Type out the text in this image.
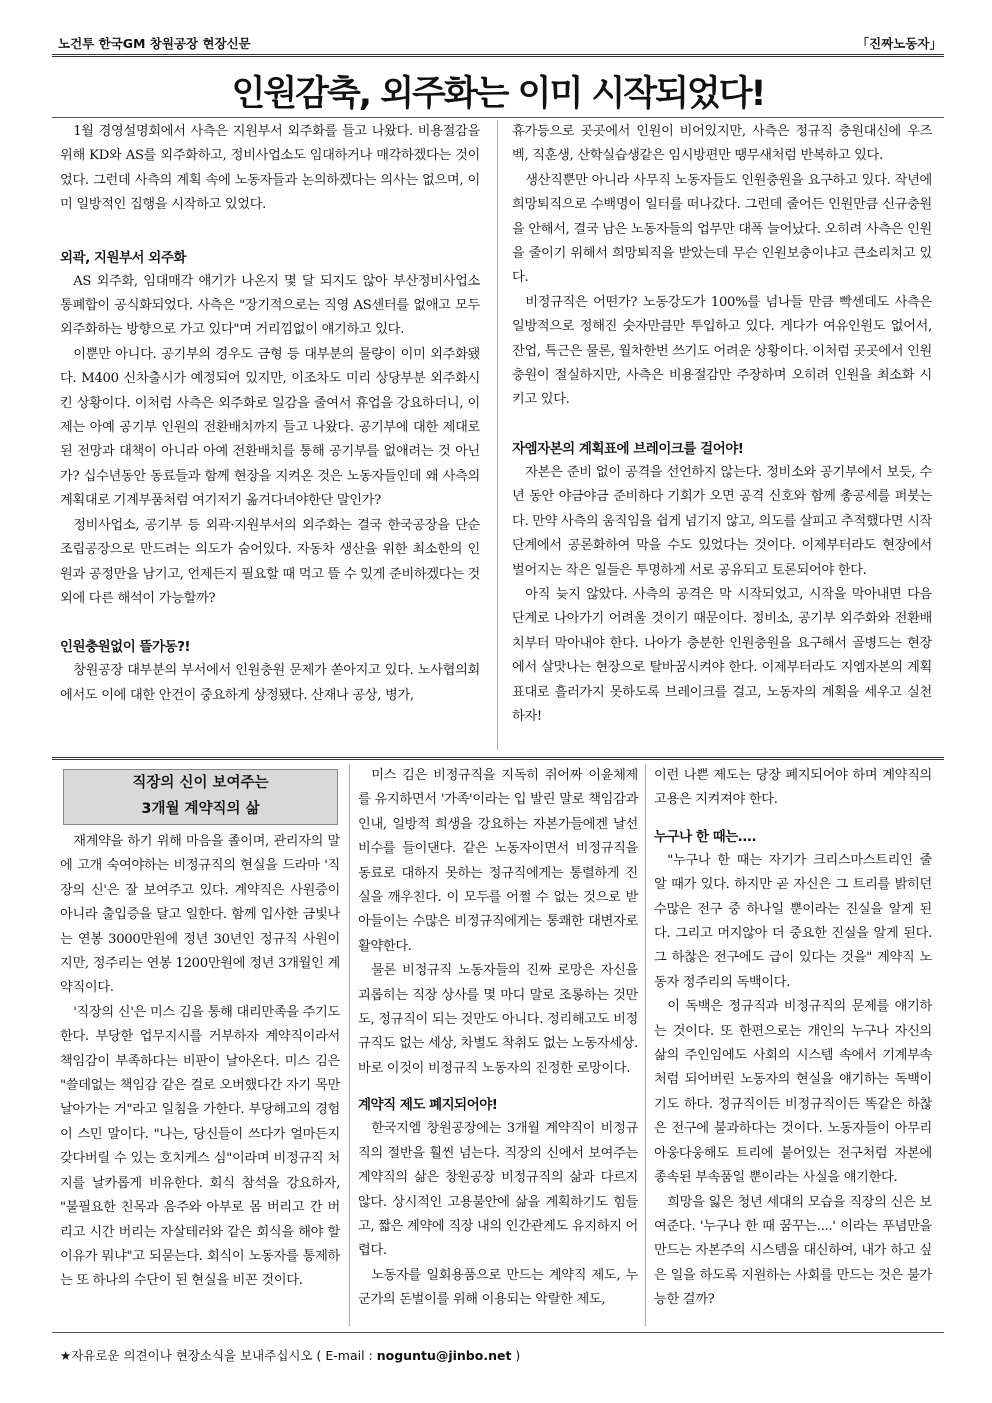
노건투 한국GM 창원공장 현장신문	「진짜노동자」
인원감축, 외주화는 이미 시작되었다!

1월 경영설명회에서 사측은 지원부서 외주화를 들고 나왔다. 비용절감을 위해 KD와 AS를 외주화하고, 정비사업소도 임대하거나 매각하겠다는 것이었다. 그런데 사측의 계획 속에 노동자들과 논의하겠다는 의사는 없으며, 이미 일방적인 집행을 시작하고 있었다.

외곽, 지원부서 외주화

AS 외주화, 임대매각 얘기가 나온지 몇 달 되지도 않아 부산정비사업소 통폐합이 공식화되었다. 사측은 "장기적으로는 직영 AS센터를 없애고 모두 외주화하는 방향으로 가고 있다"며 거리낌없이 얘기하고 있다.

이뿐만 아니다. 공기부의 경우도 금형 등 대부분의 물량이 이미 외주화됐다. M400 신차출시가 예정되어 있지만, 이조차도 미리 상당부분 외주화시킨 상황이다. 이처럼 사측은 외주화로 일감을 줄여서 휴업을 강요하더니, 이제는 아예 공기부 인원의 전환배치까지 들고 나왔다. 공기부에 대한 제대로된 전망과 대책이 아니라 아예 전환배치를 통해 공기부를 없애려는 것 아닌가? 십수년동안 동료들과 함께 현장을 지켜온 것은 노동자들인데 왜 사측의 계획대로 기계부품처럼 여기저기 옮겨다녀야한단 말인가?

정비사업소, 공기부 등 외곽·지원부서의 외주화는 결국 한국공장을 단순조립공장으로 만드려는 의도가 숨어있다. 자동차 생산을 위한 최소한의 인원과 공정만을 남기고, 언제든지 필요할 때 먹고 뜰 수 있게 준비하겠다는 것 외에 다른 해석이 가능할까?

인원충원없이 뜰가동?!

창원공장 대부분의 부서에서 인원충원 문제가 쏟아지고 있다. 노사협의회에서도 이에 대한 안건이 중요하게 상정됐다. 산재나 공상, 병가,

휴가등으로 곳곳에서 인원이 비어있지만, 사측은 정규직 충원대신에 우즈벡, 직훈생, 산학실습생같은 임시방편만 땡무새처럼 반복하고 있다.

생산직뿐만 아니라 사무직 노동자들도 인원충원을 요구하고 있다. 작년에 희망퇴직으로 수백명이 일터를 떠나갔다. 그런데 줄어든 인원만큼 신규충원을 안해서, 결국 남은 노동자들의 업무만 대폭 늘어났다. 오히려 사측은 인원을 줄이기 위해서 희망퇴직을 받았는데 무슨 인원보충이냐고 큰소리치고 있다.

비정규직은 어떤가? 노동강도가 100%를 넘나들 만큼 빡센데도 사측은 일방적으로 정해진 숫자만큼만 투입하고 있다. 게다가 여유인원도 없어서, 잔업, 특근은 물론, 월차한번 쓰기도 어려운 상황이다. 이처럼 곳곳에서 인원충원이 절실하지만, 사측은 비용절감만 주장하며 오히려 인원을 최소화 시키고 있다.

자엠자본의 계획표에 브레이크를 걸어야!

자본은 준비 없이 공격을 선언하지 않는다. 정비소와 공기부에서 보듯, 수년 동안 야금야금 준비하다 기회가 오면 공격 신호와 함께 총공세를 퍼붓는다. 만약 사측의 움직임을 쉽게 넘기지 않고, 의도를 살피고 추적했다면 시작 단계에서 공론화하여 막을 수도 있었다는 것이다. 이제부터라도 현장에서 벌어지는 작은 일들은 투명하게 서로 공유되고 토론되어야 한다.

아직 늦지 않았다. 사측의 공격은 막 시작되었고, 시작을 막아내면 다음 단계로 나아가기 어려울 것이기 때문이다. 정비소, 공기부 외주화와 전환배치부터 막아내야 한다. 나아가 충분한 인원충원을 요구해서 골병드는 현장에서 살맛나는 현장으로 탈바꿈시켜야 한다. 이제부터라도 지엠자본의 계획표대로 흘러가지 못하도록 브레이크를 걸고, 노동자의 계획을 세우고 실천하자!

직장의 신이 보여주는
3개월 계약직의 삶

재계약을 하기 위해 마음을 졸이며, 관리자의 말에 고개 숙여야하는 비정규직의 현실을 드라마 '직장의 신'은 잘 보여주고 있다. 계약직은 사원증이 아니라 출입증을 달고 일한다. 함께 입사한 금빛나는 연봉 3000만원에 정년 30년인 정규직 사원이지만, 정주리는 연봉 1200만원에 정년 3개월인 계약직이다.

'직장의 신'은 미스 김을 통해 대리만족을 주기도 한다. 부당한 업무지시를 거부하자 계약직이라서 책임감이 부족하다는 비판이 날아온다. 미스 김은 "쓸데없는 책임감 같은 걸로 오버했다간 자기 목만 날아가는 거"라고 일침을 가한다. 부당해고의 경험이 스민 말이다. "나는, 당신들이 쓰다가 얼마든지 갖다버릴 수 있는 호치케스 심"이라며 비정규직 처지를 날카롭게 비유한다. 회식 참석을 강요하자, "불필요한 친목과 음주와 아부로 몸 버리고 간 버리고 시간 버리는 자살테러와 같은 회식을 해야 할 이유가 뭐냐"고 되묻는다. 회식이 노동자를 통제하는 또 하나의 수단이 된 현실을 비꼰 것이다.

미스 김은 비정규직을 지독히 쥐어짜 이윤체제를 유지하면서 '가족'이라는 입 발린 말로 책임감과 인내, 일방적 희생을 강요하는 자본가들에겐 날선 비수를 들이댄다. 같은 노동자이면서 비정규직을 동료로 대하지 못하는 정규직에게는 통렬하게 진실을 깨우친다. 이 모두를 어쩔 수 없는 것으로 받아들이는 수많은 비정규직에게는 통쾌한 대변자로 활약한다.

물론 비정규직 노동자들의 진짜 로망은 자신을 괴롭히는 직장 상사를 몇 마디 말로 조롱하는 것만도, 정규직이 되는 것만도 아니다. 정리해고도 비정규직도 없는 세상, 차별도 착취도 없는 노동자세상. 바로 이것이 비정규직 노동자의 진정한 로망이다.

계약직 제도 폐지되어야!

한국지엠 창원공장에는 3개월 계약직이 비정규직의 절반을 훨씬 넘는다. 직장의 신에서 보여주는 계약직의 삶은 창원공장 비정규직의 삶과 다르지 않다. 상시적인 고용불안에 삶을 계획하기도 힘들고, 짧은 계약에 직장 내의 인간관계도 유지하지 어렵다.

노동자를 일회용품으로 만드는 계약직 제도, 누군가의 돈벌이를 위해 이용되는 악랄한 제도,

이런 나쁜 제도는 당장 폐지되어야 하며 계약직의 고용은 지켜져야 한다.

누구나 한 때는....

"누구나 한 때는 자기가 크리스마스트리인 줄 알 때가 있다. 하지만 곧 자신은 그 트리를 밝히던 수많은 전구 중 하나일 뿐이라는 진실을 알게 된다. 그리고 머지않아 더 중요한 진실을 알게 된다. 그 하찮은 전구에도 급이 있다는 것을" 계약직 노동자 정주리의 독백이다.

이 독백은 정규직과 비정규직의 문제를 얘기하는 것이다. 또 한편으로는 개인의 누구나 자신의 삶의 주인임에도 사회의 시스템 속에서 기계부속처럼 되어버린 노동자의 현실을 얘기하는 독백이기도 하다. 정규직이든 비정규직이든 똑같은 하찮은 전구에 불과하다는 것이다. 노동자들이 아무리 아웅다웅해도 트리에 붙어있는 전구처럼 자본에 종속된 부속품일 뿐이라는 사실을 얘기한다.

희망을 잃은 청년 세대의 모습을 직장의 신은 보여준다. '누구나 한 때 꿈꾸는....' 이라는 푸념만을 만드는 자본주의 시스템을 대신하여, 내가 하고 싶은 일을 하도록 지원하는 사회를 만드는 것은 불가능한 걸까?

★자유로운 의견이나 현장소식을 보내주십시오 ( E-mail : noguntu@jinbo.net )
